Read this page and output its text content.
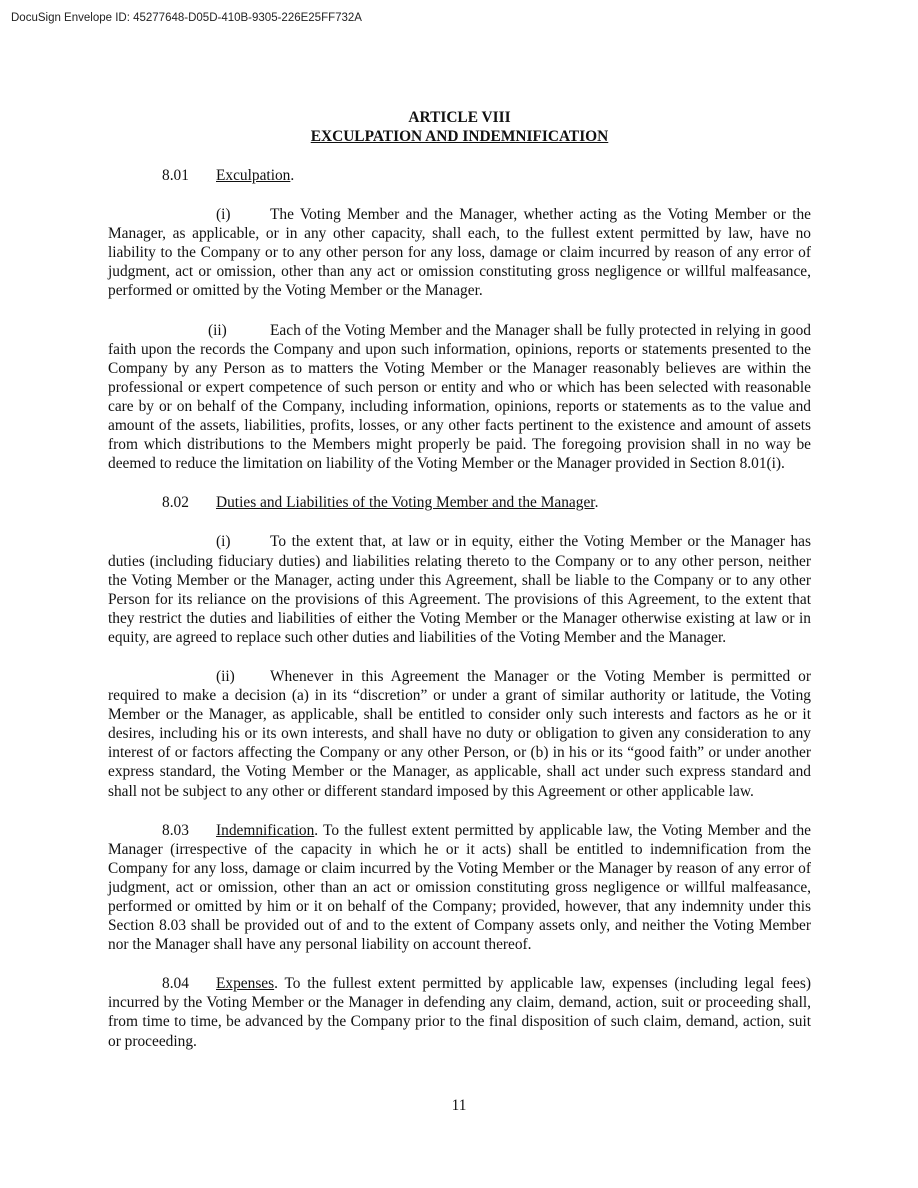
DocuSign Envelope ID: 45277648-D05D-410B-9305-226E25FF732A
ARTICLE VIII
EXCULPATION AND INDEMNIFICATION

8.01 Exculpation.

(i)	The Voting Member and the Manager, whether acting as the Voting Member or the Manager, as applicable, or in any other capacity, shall each, to the fullest extent permitted by law, have no liability to the Company or to any other person for any loss, damage or claim incurred by reason of any error of judgment, act or omission, other than any act or omission constituting gross negligence or willful malfeasance, performed or omitted by the Voting Member or the Manager.

(ii)	Each of the Voting Member and the Manager shall be fully protected in relying in good faith upon the records the Company and upon such information, opinions, reports or statements presented to the Company by any Person as to matters the Voting Member or the Manager reasonably believes are within the professional or expert competence of such person or entity and who or which has been selected with reasonable care by or on behalf of the Company, including information, opinions, reports or statements as to the value and amount of the assets, liabilities, profits, losses, or any other facts pertinent to the existence and amount of assets from which distributions to the Members might properly be paid. The foregoing provision shall in no way be deemed to reduce the limitation on liability of the Voting Member or the Manager provided in Section 8.01(i).

8.02 Duties and Liabilities of the Voting Member and the Manager.

(i)	To the extent that, at law or in equity, either the Voting Member or the Manager has duties (including fiduciary duties) and liabilities relating thereto to the Company or to any other person, neither the Voting Member or the Manager, acting under this Agreement, shall be liable to the Company or to any other Person for its reliance on the provisions of this Agreement. The provisions of this Agreement, to the extent that they restrict the duties and liabilities of either the Voting Member or the Manager otherwise existing at law or in equity, are agreed to replace such other duties and liabilities of the Voting Member and the Manager.

(ii) Whenever in this Agreement the Manager or the Voting Member is permitted or required to make a decision (a) in its “discretion” or under a grant of similar authority or latitude, the Voting Member or the Manager, as applicable, shall be entitled to consider only such interests and factors as he or it desires, including his or its own interests, and shall have no duty or obligation to given any consideration to any interest of or factors affecting the Company or any other Person, or (b) in his or its “good faith” or under another express standard, the Voting Member or the Manager, as applicable, shall act under such express standard and shall not be subject to any other or different standard imposed by this Agreement or other applicable law.

8.03 Indemnification. To the fullest extent permitted by applicable law, the Voting Member and the Manager (irrespective of the capacity in which he or it acts) shall be entitled to indemnification from the Company for any loss, damage or claim incurred by the Voting Member or the Manager by reason of any error of judgment, act or omission, other than an act or omission constituting gross negligence or willful malfeasance, performed or omitted by him or it on behalf of the Company; provided, however, that any indemnity under this Section 8.03 shall be provided out of and to the extent of Company assets only, and neither the Voting Member nor the Manager shall have any personal liability on account thereof.

8.04 Expenses. To the fullest extent permitted by applicable law, expenses (including legal fees) incurred by the Voting Member or the Manager in defending any claim, demand, action, suit or proceeding shall, from time to time, be advanced by the Company prior to the final disposition of such claim, demand, action, suit or proceeding.

11
